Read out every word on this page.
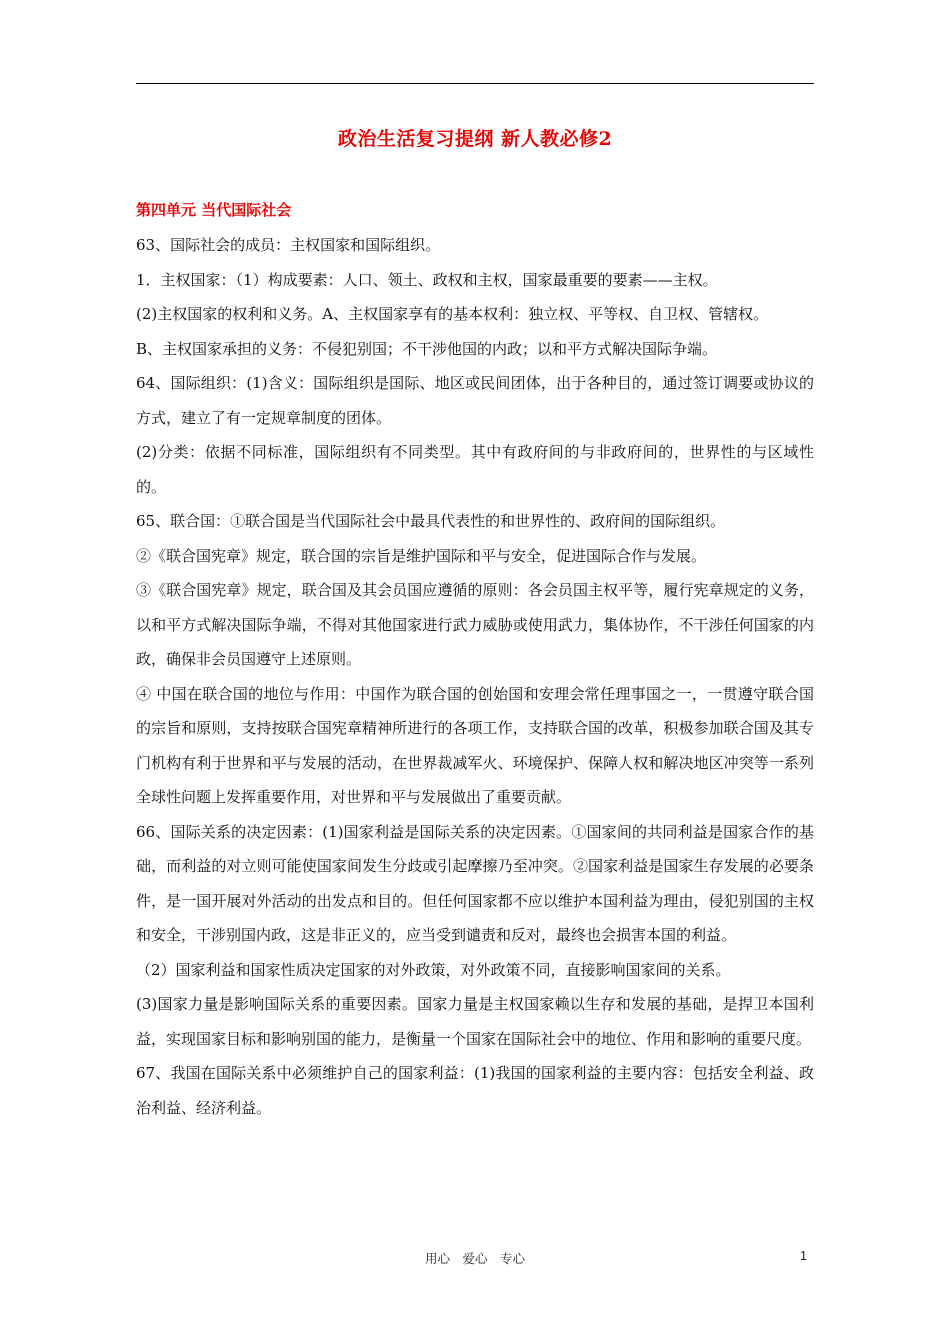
政治生活复习提纲 新人教必修2
第四单元 当代国际社会

63、国际社会的成员：主权国家和国际组织。

1．主权国家：（1）构成要素：人口、领土、政权和主权，国家最重要的要素——主权。

(2)主权国家的权利和义务。A、主权国家享有的基本权利：独立权、平等权、自卫权、管辖权。

B、主权国家承担的义务：不侵犯别国；不干涉他国的内政；以和平方式解决国际争端。

64、国际组织：(1)含义：国际组织是国际、地区或民间团体，出于各种目的，通过签订调要或协议的方式，建立了有一定规章制度的团体。

(2)分类：依据不同标准，国际组织有不同类型。其中有政府间的与非政府间的，世界性的与区域性的。

65、联合国：①联合国是当代国际社会中最具代表性的和世界性的、政府间的国际组织。

②《联合国宪章》规定，联合国的宗旨是维护国际和平与安全，促进国际合作与发展。

③《联合国宪章》规定，联合国及其会员国应遵循的原则：各会员国主权平等，履行宪章规定的义务，以和平方式解决国际争端，不得对其他国家进行武力威胁或使用武力，集体协作，不干涉任何国家的内政，确保非会员国遵守上述原则。

④ 中国在联合国的地位与作用：中国作为联合国的创始国和安理会常任理事国之一，一贯遵守联合国的宗旨和原则，支持按联合国宪章精神所进行的各项工作，支持联合国的改革，积极参加联合国及其专门机构有利于世界和平与发展的活动，在世界裁减军火、环境保护、保障人权和解决地区冲突等一系列全球性问题上发挥重要作用，对世界和平与发展做出了重要贡献。

66、国际关系的决定因素：(1)国家利益是国际关系的决定因素。①国家间的共同利益是国家合作的基础，而利益的对立则可能使国家间发生分歧或引起摩擦乃至冲突。②国家利益是国家生存发展的必要条件，是一国开展对外活动的出发点和目的。但任何国家都不应以维护本国利益为理由，侵犯别国的主权和安全，干涉别国内政，这是非正义的，应当受到谴责和反对，最终也会损害本国的利益。

（2）国家利益和国家性质决定国家的对外政策，对外政策不同，直接影响国家间的关系。

(3)国家力量是影响国际关系的重要因素。国家力量是主权国家赖以生存和发展的基础，是捍卫本国利益，实现国家目标和影响别国的能力，是衡量一个国家在国际社会中的地位、作用和影响的重要尺度。

67、我国在国际关系中必须维护自己的国家利益：(1)我国的国家利益的主要内容：包括安全利益、政治利益、经济利益。

用心　爱心　专心	1
